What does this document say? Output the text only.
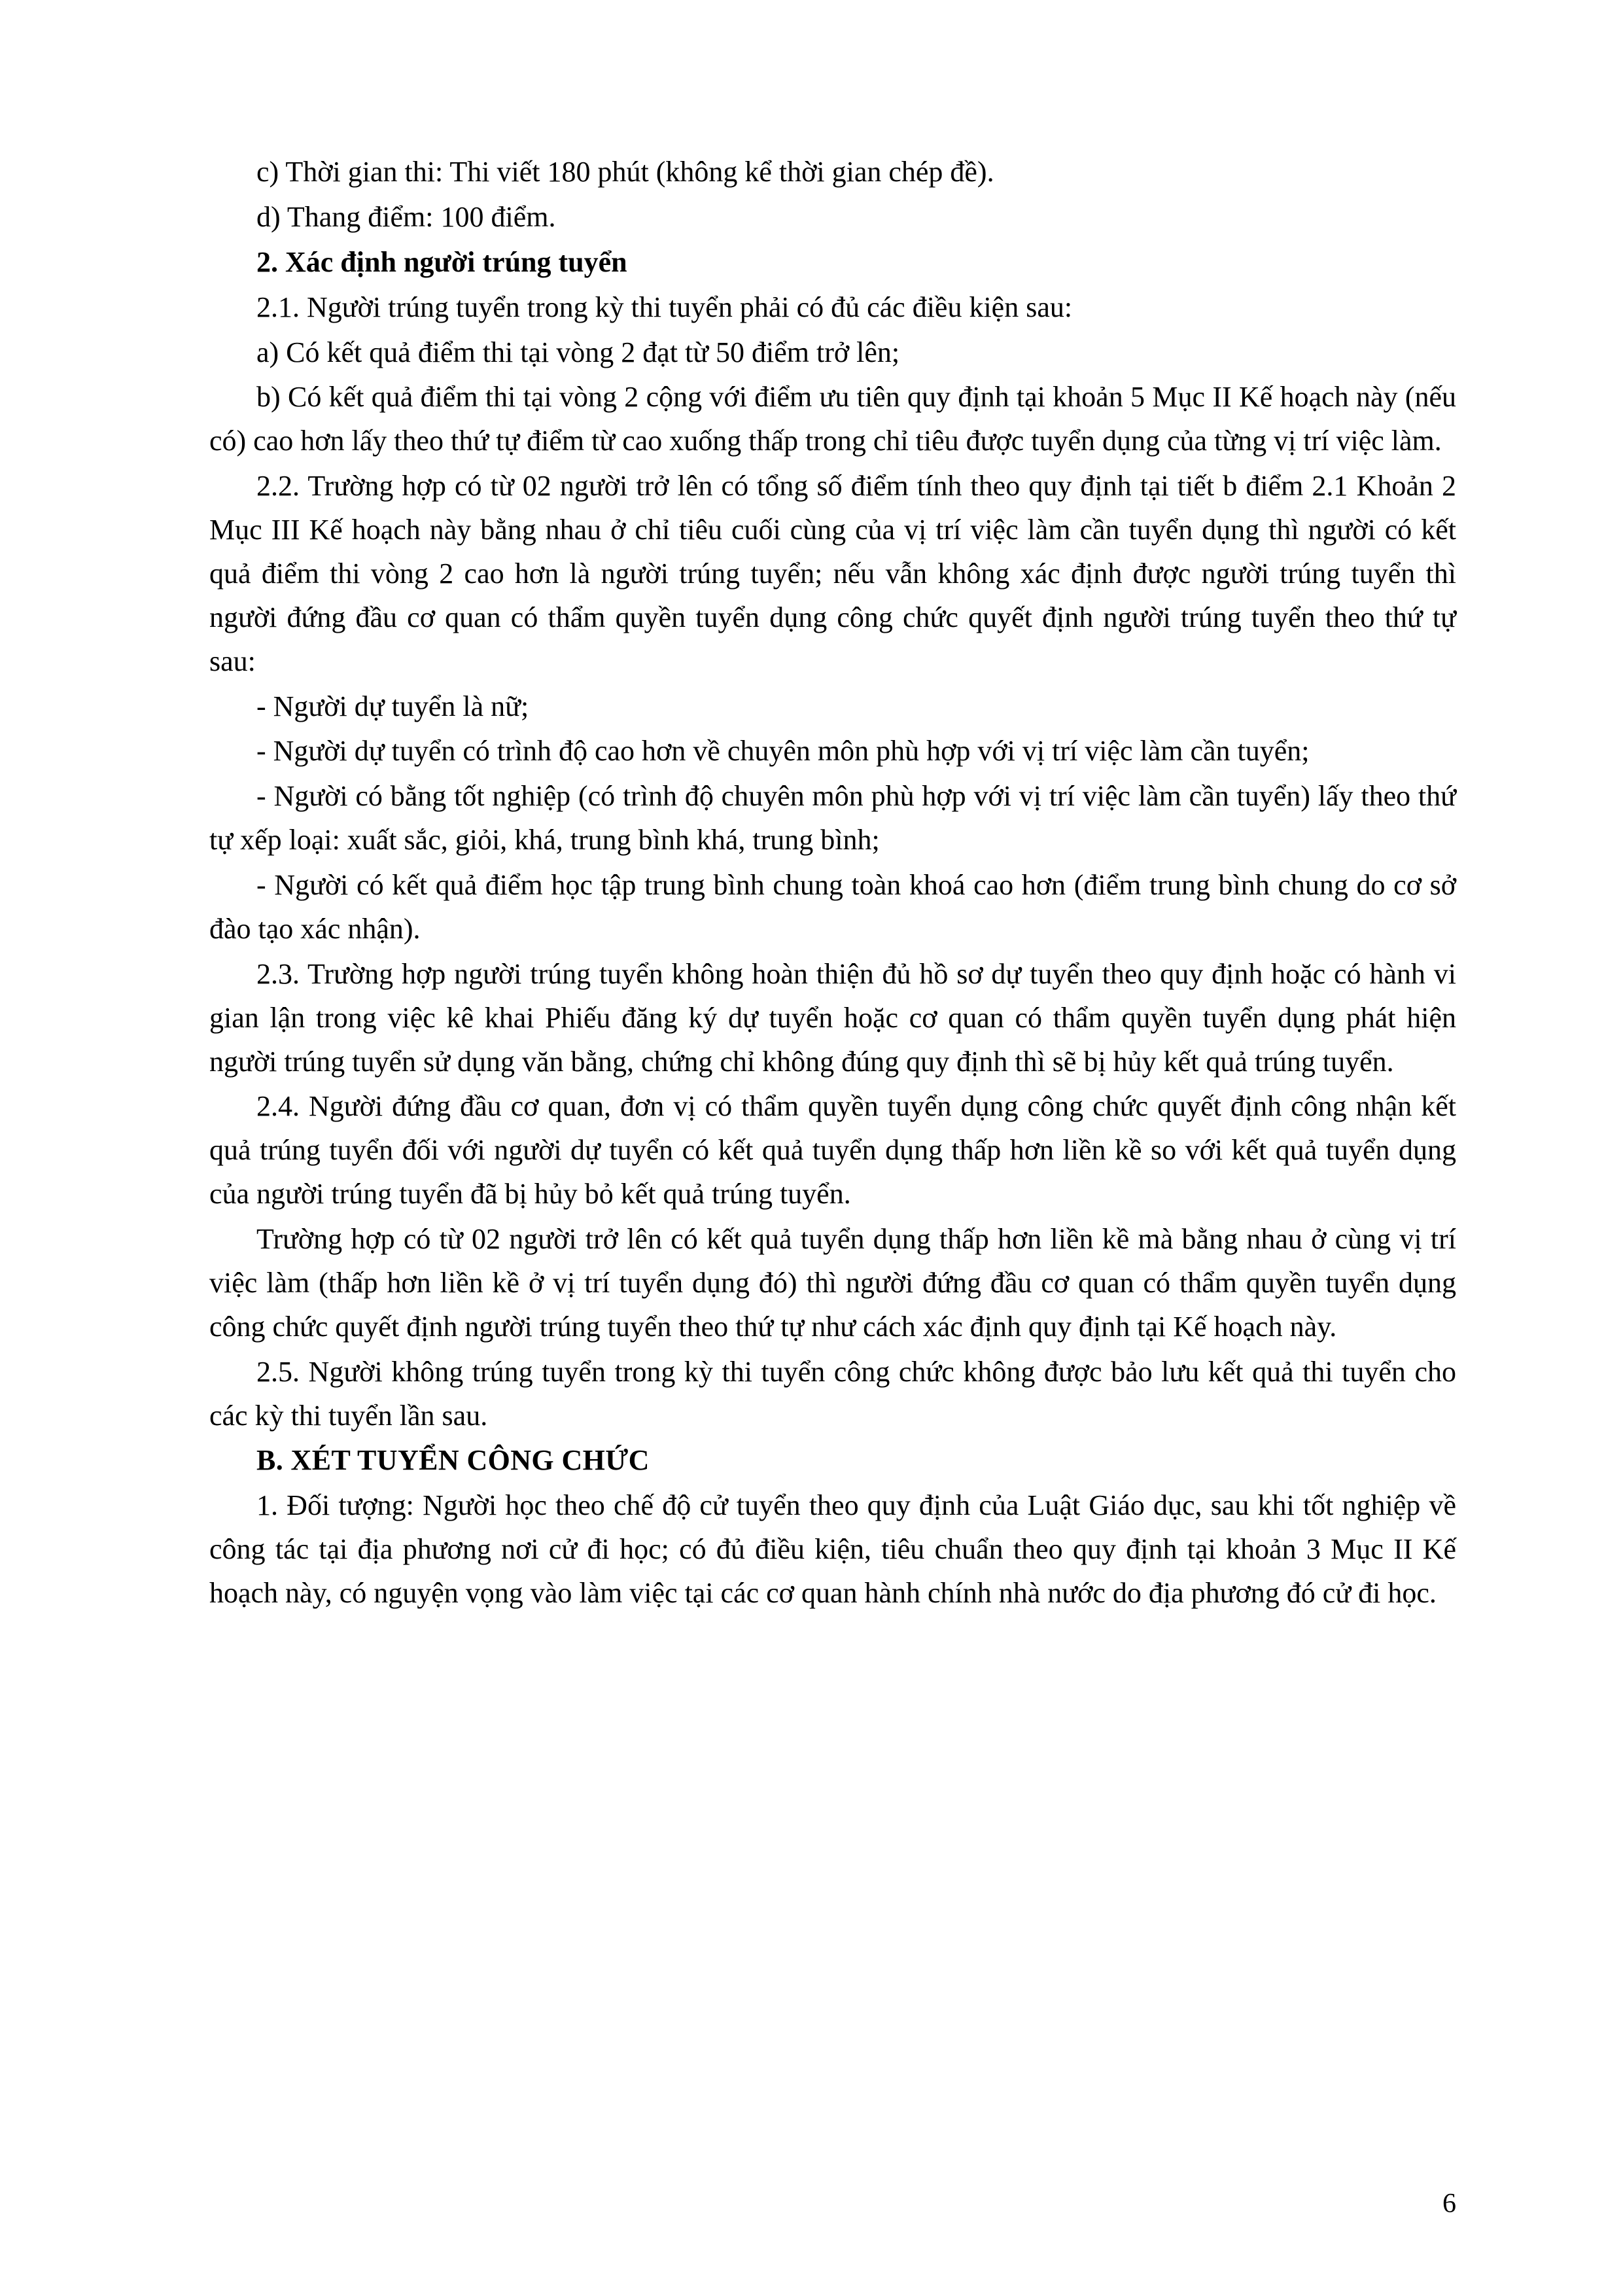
c) Thời gian thi: Thi viết 180 phút (không kể thời gian chép đề).

d) Thang điểm: 100 điểm.

2. Xác định người trúng tuyển

2.1. Người trúng tuyển trong kỳ thi tuyển phải có đủ các điều kiện sau:

a) Có kết quả điểm thi tại vòng 2 đạt từ 50 điểm trở lên;

b) Có kết quả điểm thi tại vòng 2 cộng với điểm ưu tiên quy định tại khoản 5 Mục II Kế hoạch này (nếu có) cao hơn lấy theo thứ tự điểm từ cao xuống thấp trong chỉ tiêu được tuyển dụng của từng vị trí việc làm.

2.2. Trường hợp có từ 02 người trở lên có tổng số điểm tính theo quy định tại tiết b điểm 2.1 Khoản 2 Mục III Kế hoạch này bằng nhau ở chỉ tiêu cuối cùng của vị trí việc làm cần tuyển dụng thì người có kết quả điểm thi vòng 2 cao hơn là người trúng tuyển; nếu vẫn không xác định được người trúng tuyển thì người đứng đầu cơ quan có thẩm quyền tuyển dụng công chức quyết định người trúng tuyển theo thứ tự sau:

- Người dự tuyển là nữ;

- Người dự tuyển có trình độ cao hơn về chuyên môn phù hợp với vị trí việc làm cần tuyển;

- Người có bằng tốt nghiệp (có trình độ chuyên môn phù hợp với vị trí việc làm cần tuyển) lấy theo thứ tự xếp loại: xuất sắc, giỏi, khá, trung bình khá, trung bình;

- Người có kết quả điểm học tập trung bình chung toàn khoá cao hơn (điểm trung bình chung do cơ sở đào tạo xác nhận).

2.3. Trường hợp người trúng tuyển không hoàn thiện đủ hồ sơ dự tuyển theo quy định hoặc có hành vi gian lận trong việc kê khai Phiếu đăng ký dự tuyển hoặc cơ quan có thẩm quyền tuyển dụng phát hiện người trúng tuyển sử dụng văn bằng, chứng chỉ không đúng quy định thì sẽ bị hủy kết quả trúng tuyển.

2.4. Người đứng đầu cơ quan, đơn vị có thẩm quyền tuyển dụng công chức quyết định công nhận kết quả trúng tuyển đối với người dự tuyển có kết quả tuyển dụng thấp hơn liền kề so với kết quả tuyển dụng của người trúng tuyển đã bị hủy bỏ kết quả trúng tuyển.

Trường hợp có từ 02 người trở lên có kết quả tuyển dụng thấp hơn liền kề mà bằng nhau ở cùng vị trí việc làm (thấp hơn liền kề ở vị trí tuyển dụng đó) thì người đứng đầu cơ quan có thẩm quyền tuyển dụng công chức quyết định người trúng tuyển theo thứ tự như cách xác định quy định tại Kế hoạch này.

2.5. Người không trúng tuyển trong kỳ thi tuyển công chức không được bảo lưu kết quả thi tuyển cho các kỳ thi tuyển lần sau.

B. XÉT TUYỂN CÔNG CHỨC

1. Đối tượng: Người học theo chế độ cử tuyển theo quy định của Luật Giáo dục, sau khi tốt nghiệp về công tác tại địa phương nơi cử đi học; có đủ điều kiện, tiêu chuẩn theo quy định tại khoản 3 Mục II Kế hoạch này, có nguyện vọng vào làm việc tại các cơ quan hành chính nhà nước do địa phương đó cử đi học.

6
